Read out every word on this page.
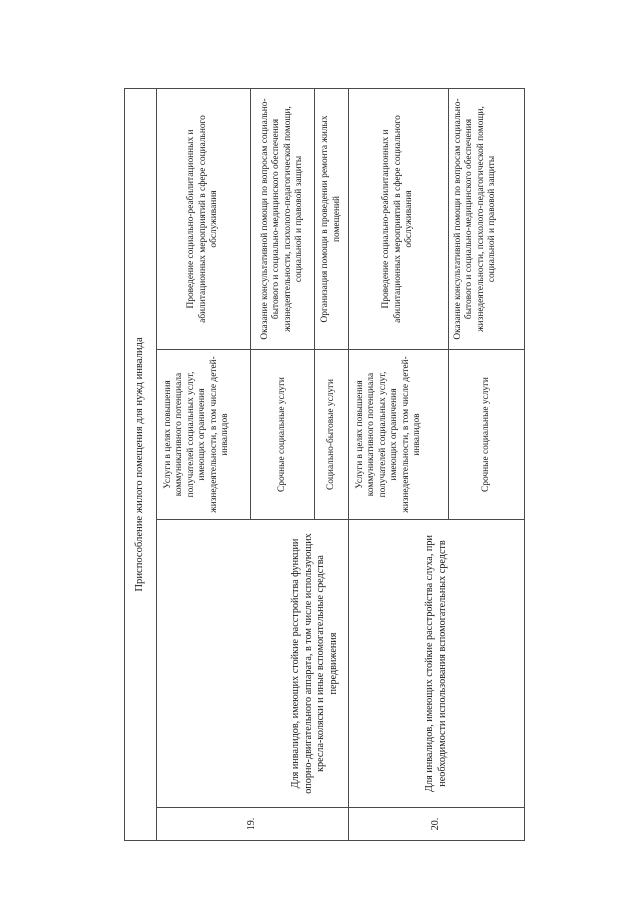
Приспособление жилого помещения для нужд инвалида			
19.	Для инвалидов, имеющих стойкие расстройства функции опорно-двигательного аппарата, в том числе использующих кресла-коляски и иные вспомогательные средства передвижения	Услуги в целях повышения коммуникативного потенциала получателей социальных услуг, имеющих ограничения жизнедеятельности, в том числе детей-инвалидов	Проведение социально-реабилитационных и абилитационных мероприятий в сфере социального обслуживания
		Срочные социальные услуги	Оказание консультативной помощи по вопросам социально-бытового и социально-медицинского обеспечения жизнедеятельности, психолого-педагогической помощи, социальной и правовой защиты
		Социально-бытовые услуги	Организация помощи в проведении ремонта жилых помещений
20.	Для инвалидов, имеющих стойкие расстройства слуха, при необходимости использования вспомогательных средств	Услуги в целях повышения коммуникативного потенциала получателей социальных услуг, имеющих ограничения жизнедеятельности, в том числе детей-инвалидов	Проведение социально-реабилитационных и абилитационных мероприятий в сфере социального обслуживания
		Срочные социальные услуги	Оказание консультативной помощи по вопросам социально-бытового и социально-медицинского обеспечения жизнедеятельности, психолого-педагогической помощи, социальной и правовой защиты
